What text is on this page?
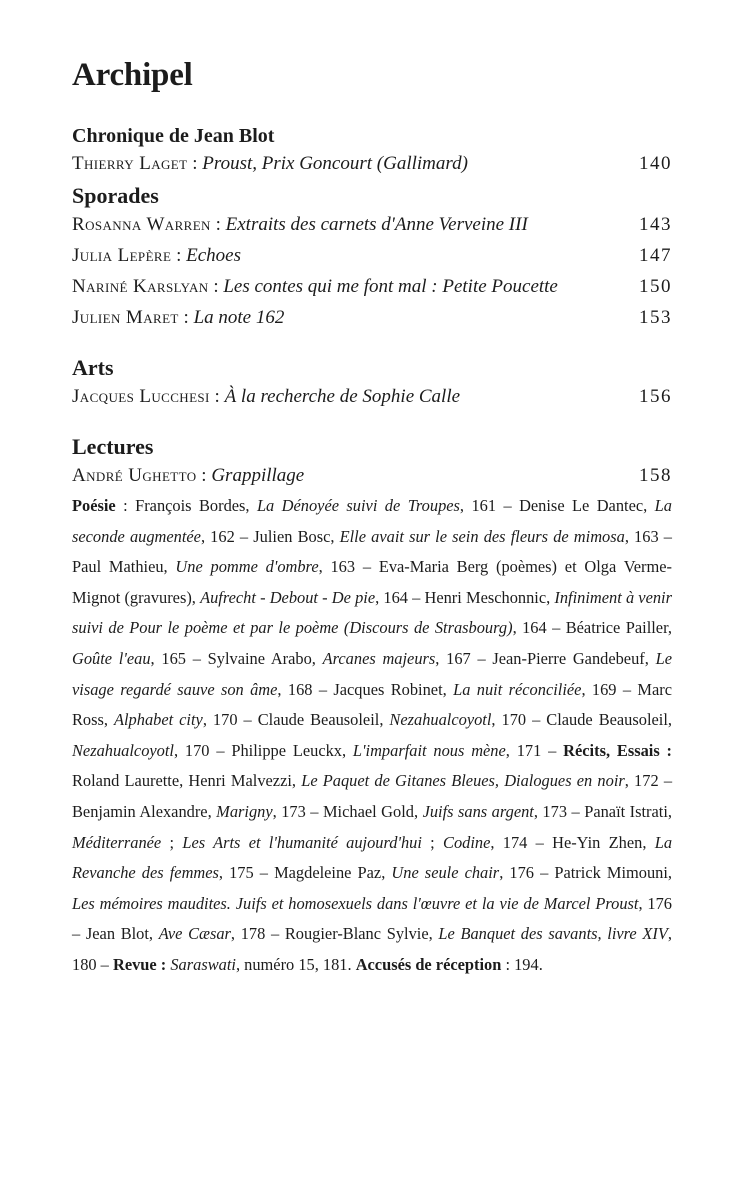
Archipel
Chronique de Jean Blot
Thierry Laget : Proust, Prix Goncourt (Gallimard)	140
Sporades
Rosanna Warren : Extraits des carnets d'Anne Verveine III	143
Julia Lepère : Echoes	147
Nariné Karslyan : Les contes qui me font mal : Petite Poucette	150
Julien Maret : La note 162	153
Arts
Jacques Lucchesi : À la recherche de Sophie Calle	156
Lectures
André Ughetto : Grappillage	158

Poésie : François Bordes, La Dénoyée suivi de Troupes, 161 – Denise Le Dantec, La seconde augmentée, 162 – Julien Bosc, Elle avait sur le sein des fleurs de mimosa, 163 – Paul Mathieu, Une pomme d'ombre, 163 – Eva-Maria Berg (poèmes) et Olga Verme-Mignot (gravures), Aufrecht - Debout - De pie, 164 – Henri Meschonnic, Infiniment à venir suivi de Pour le poème et par le poème (Discours de Strasbourg), 164 – Béatrice Pailler, Goûte l'eau, 165 – Sylvaine Arabo, Arcanes majeurs, 167 – Jean-Pierre Gandebeuf, Le visage regardé sauve son âme, 168 – Jacques Robinet, La nuit réconciliée, 169 – Marc Ross, Alphabet city, 170 – Claude Beausoleil, Nezahualcoyotl, 170 – Claude Beausoleil, Nezahualcoyotl, 170 – Philippe Leuckx, L'imparfait nous mène, 171 – Récits, Essais : Roland Laurette, Henri Malvezzi, Le Paquet de Gitanes Bleues, Dialogues en noir, 172 – Benjamin Alexandre, Marigny, 173 – Michael Gold, Juifs sans argent, 173 – Panaït Istrati, Méditerranée ; Les Arts et l'humanité aujourd'hui ; Codine, 174 – He-Yin Zhen, La Revanche des femmes, 175 – Magdeleine Paz, Une seule chair, 176 – Patrick Mimouni, Les mémoires maudites. Juifs et homosexuels dans l'œuvre et la vie de Marcel Proust, 176 – Jean Blot, Ave Cæsar, 178 – Rougier-Blanc Sylvie, Le Banquet des savants, livre XIV, 180 – Revue : Saraswati, numéro 15, 181. Accusés de réception : 194.
